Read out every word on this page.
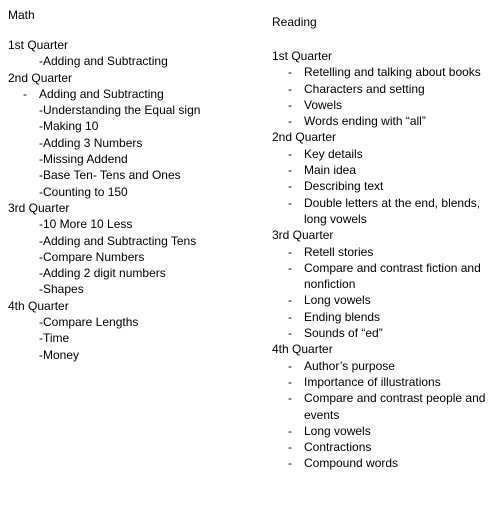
Math
1st Quarter
-Adding and Subtracting
2nd Quarter
- Adding and Subtracting
-Understanding the Equal sign
-Making 10
-Adding 3 Numbers
-Missing Addend
-Base Ten- Tens and Ones
-Counting to 150
3rd Quarter
-10 More 10 Less
-Adding and Subtracting Tens
-Compare Numbers
-Adding 2 digit numbers
-Shapes
4th Quarter
-Compare Lengths
-Time
-Money
Reading
1st Quarter
- Retelling and talking about books
- Characters and setting
- Vowels
- Words ending with “all”
2nd Quarter
- Key details
- Main idea
- Describing text
- Double letters at the end, blends, long vowels
3rd Quarter
- Retell stories
- Compare and contrast fiction and nonfiction
- Long vowels
- Ending blends
- Sounds of “ed”
4th Quarter
- Author’s purpose
- Importance of illustrations
- Compare and contrast people and events
- Long vowels
- Contractions
- Compound words
